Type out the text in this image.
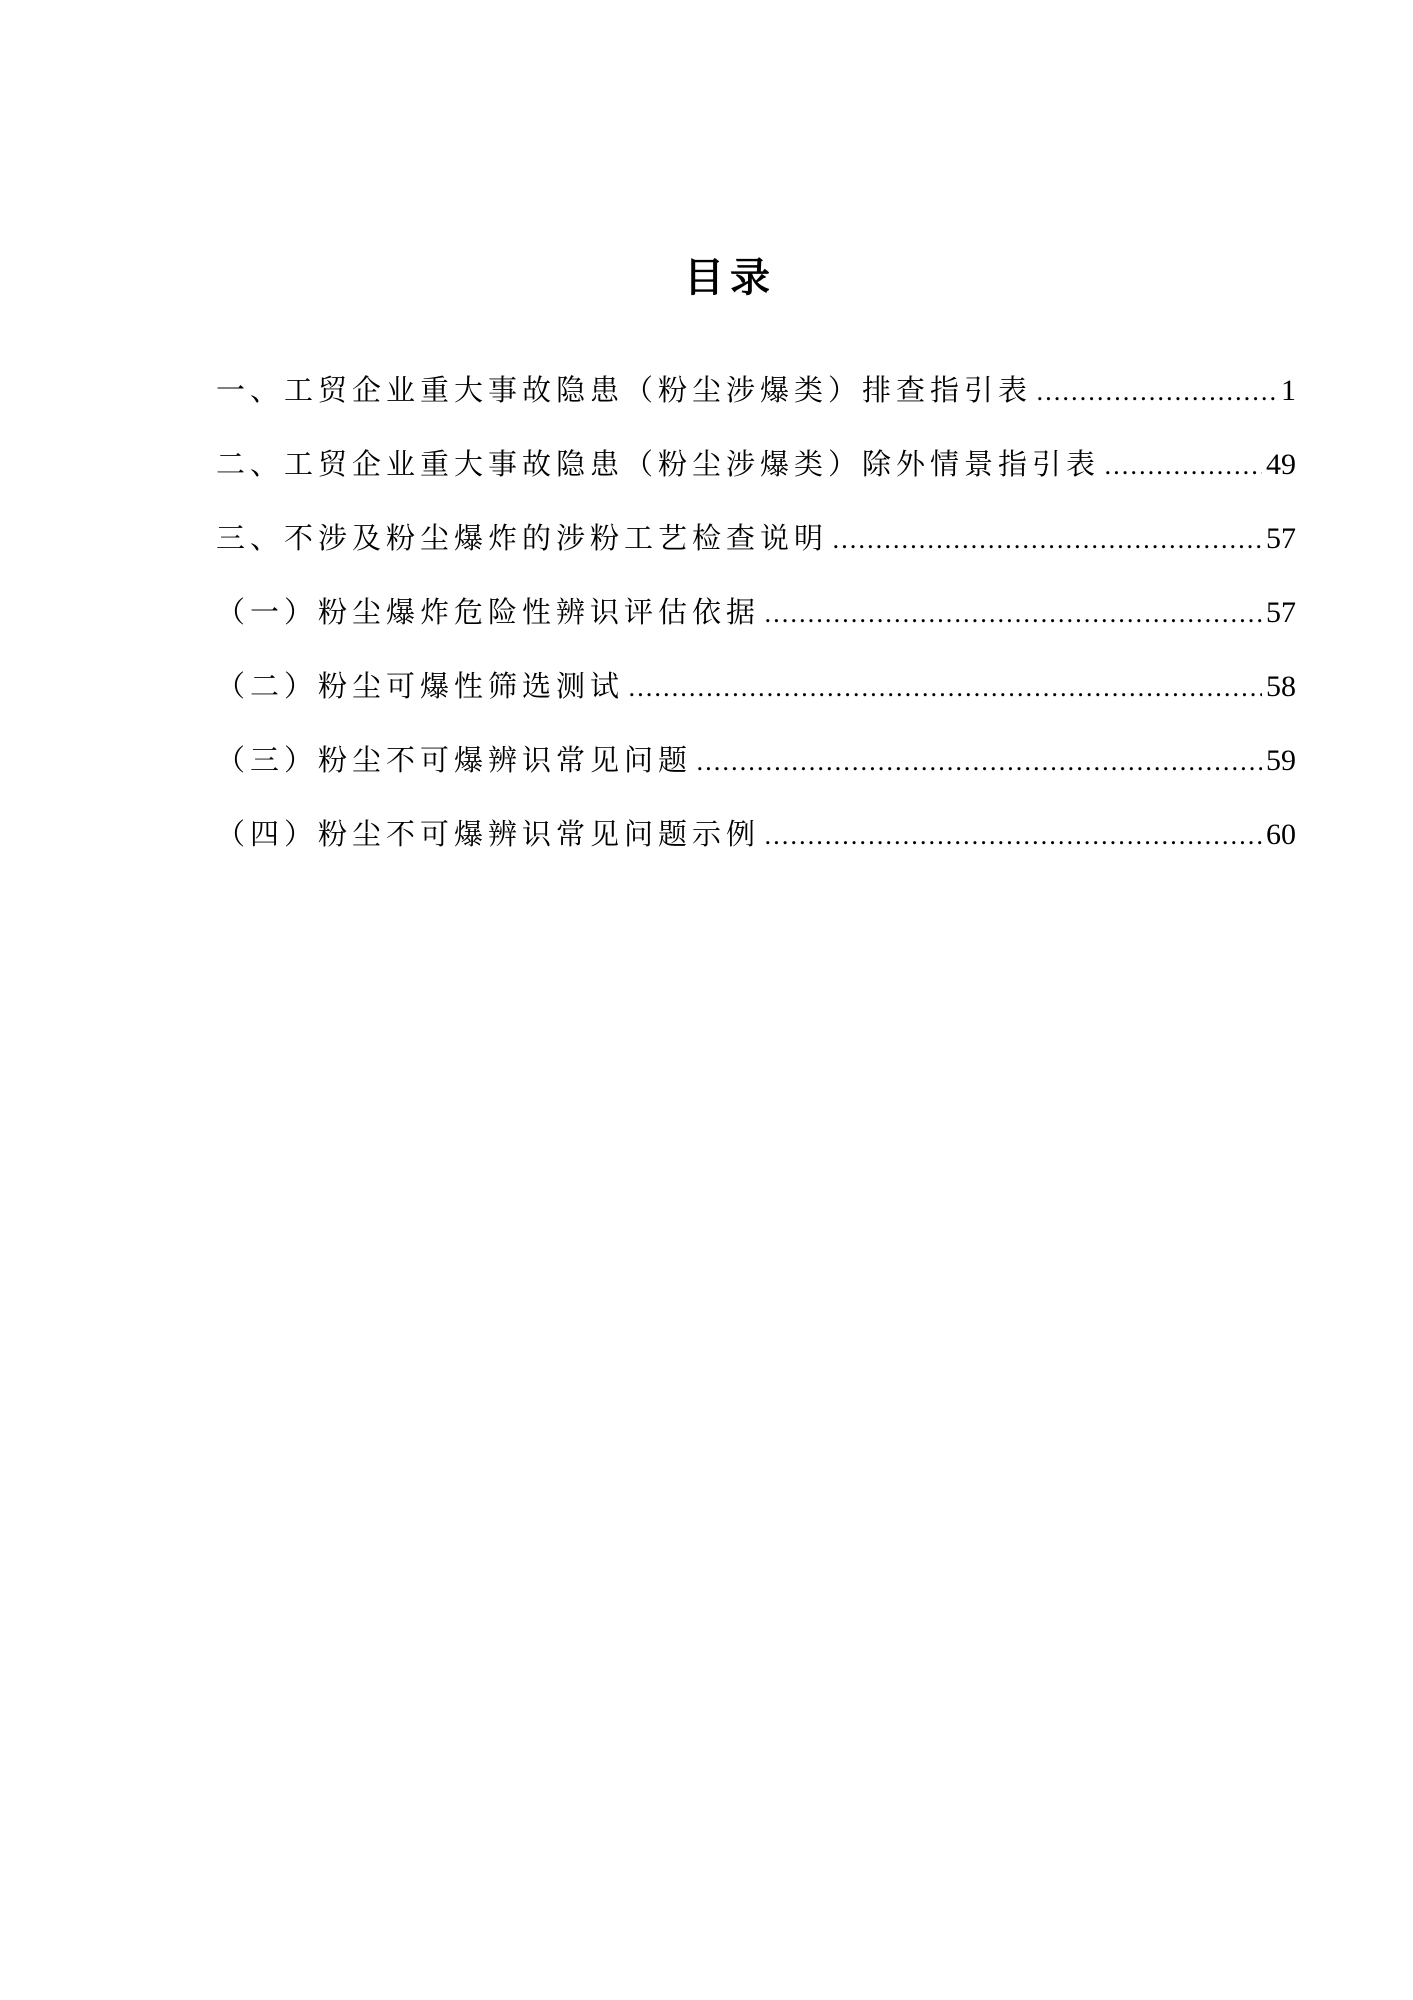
目录
一、工贸企业重大事故隐患（粉尘涉爆类）排查指引表 .....	1
二、工贸企业重大事故隐患（粉尘涉爆类）除外情景指引表 .....	49
三、不涉及粉尘爆炸的涉粉工艺检查说明 .....	57
（一）粉尘爆炸危险性辨识评估依据 .....	57
（二）粉尘可爆性筛选测试 .....	58
（三）粉尘不可爆辨识常见问题 .....	59
（四）粉尘不可爆辨识常见问题示例 .....	60
